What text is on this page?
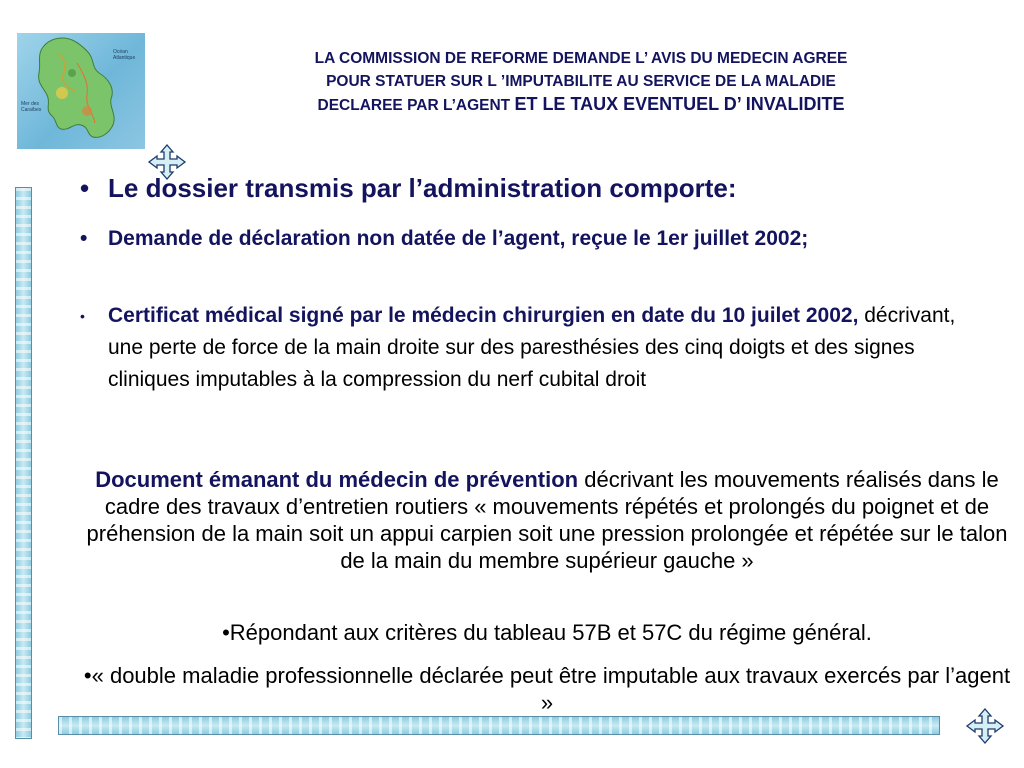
Mer des Caraïbes
Océan Atlantique	LA COMMISSION DE REFORME DEMANDE L’ AVIS DU MEDECIN AGREE
POUR STATUER SUR L ’IMPUTABILITE AU SERVICE DE LA MALADIE
DECLAREE PAR L’AGENT ET LE TAUX EVENTUEL D’ INVALIDITE
• Le dossier transmis par l’administration comporte:
• Demande de déclaration non datée de l’agent, reçue le 1er juillet 2002;
•	Certificat médical signé par le médecin chirurgien en date du 10 juilet 2002, décrivant, une perte de force de la main droite sur des paresthésies des cinq doigts et des signes cliniques imputables à la compression du nerf cubital droit
Document émanant du médecin de prévention décrivant les mouvements réalisés dans le cadre des travaux d’entretien routiers « mouvements répétés et prolongés du poignet et de préhension de la main soit un appui carpien soit une pression prolongée et répétée sur le talon de la main du membre supérieur gauche »
•Répondant aux critères du tableau 57B et 57C du régime général.
•« double maladie professionnelle déclarée peut être imputable aux travaux exercés par l’agent »
